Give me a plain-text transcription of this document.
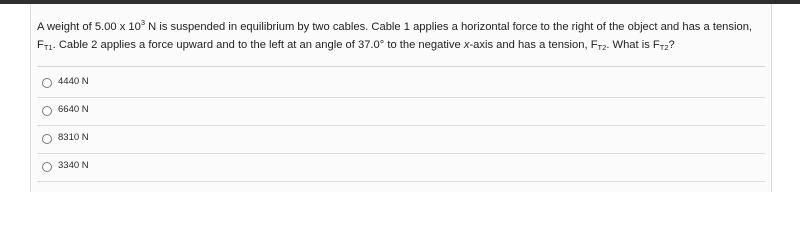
A weight of 5.00 x $10^3$ N is suspended in equilibrium by two cables. Cable 1 applies a horizontal force to the right of the object and has a tension, $F_{T1}$. Cable 2 applies a force upward and to the left at an angle of 37.0° to the negative x-axis and has a tension, $F_{T2}$. What is $F_{T2}$?

4440 N
6640 N
8310 N
3340 N
